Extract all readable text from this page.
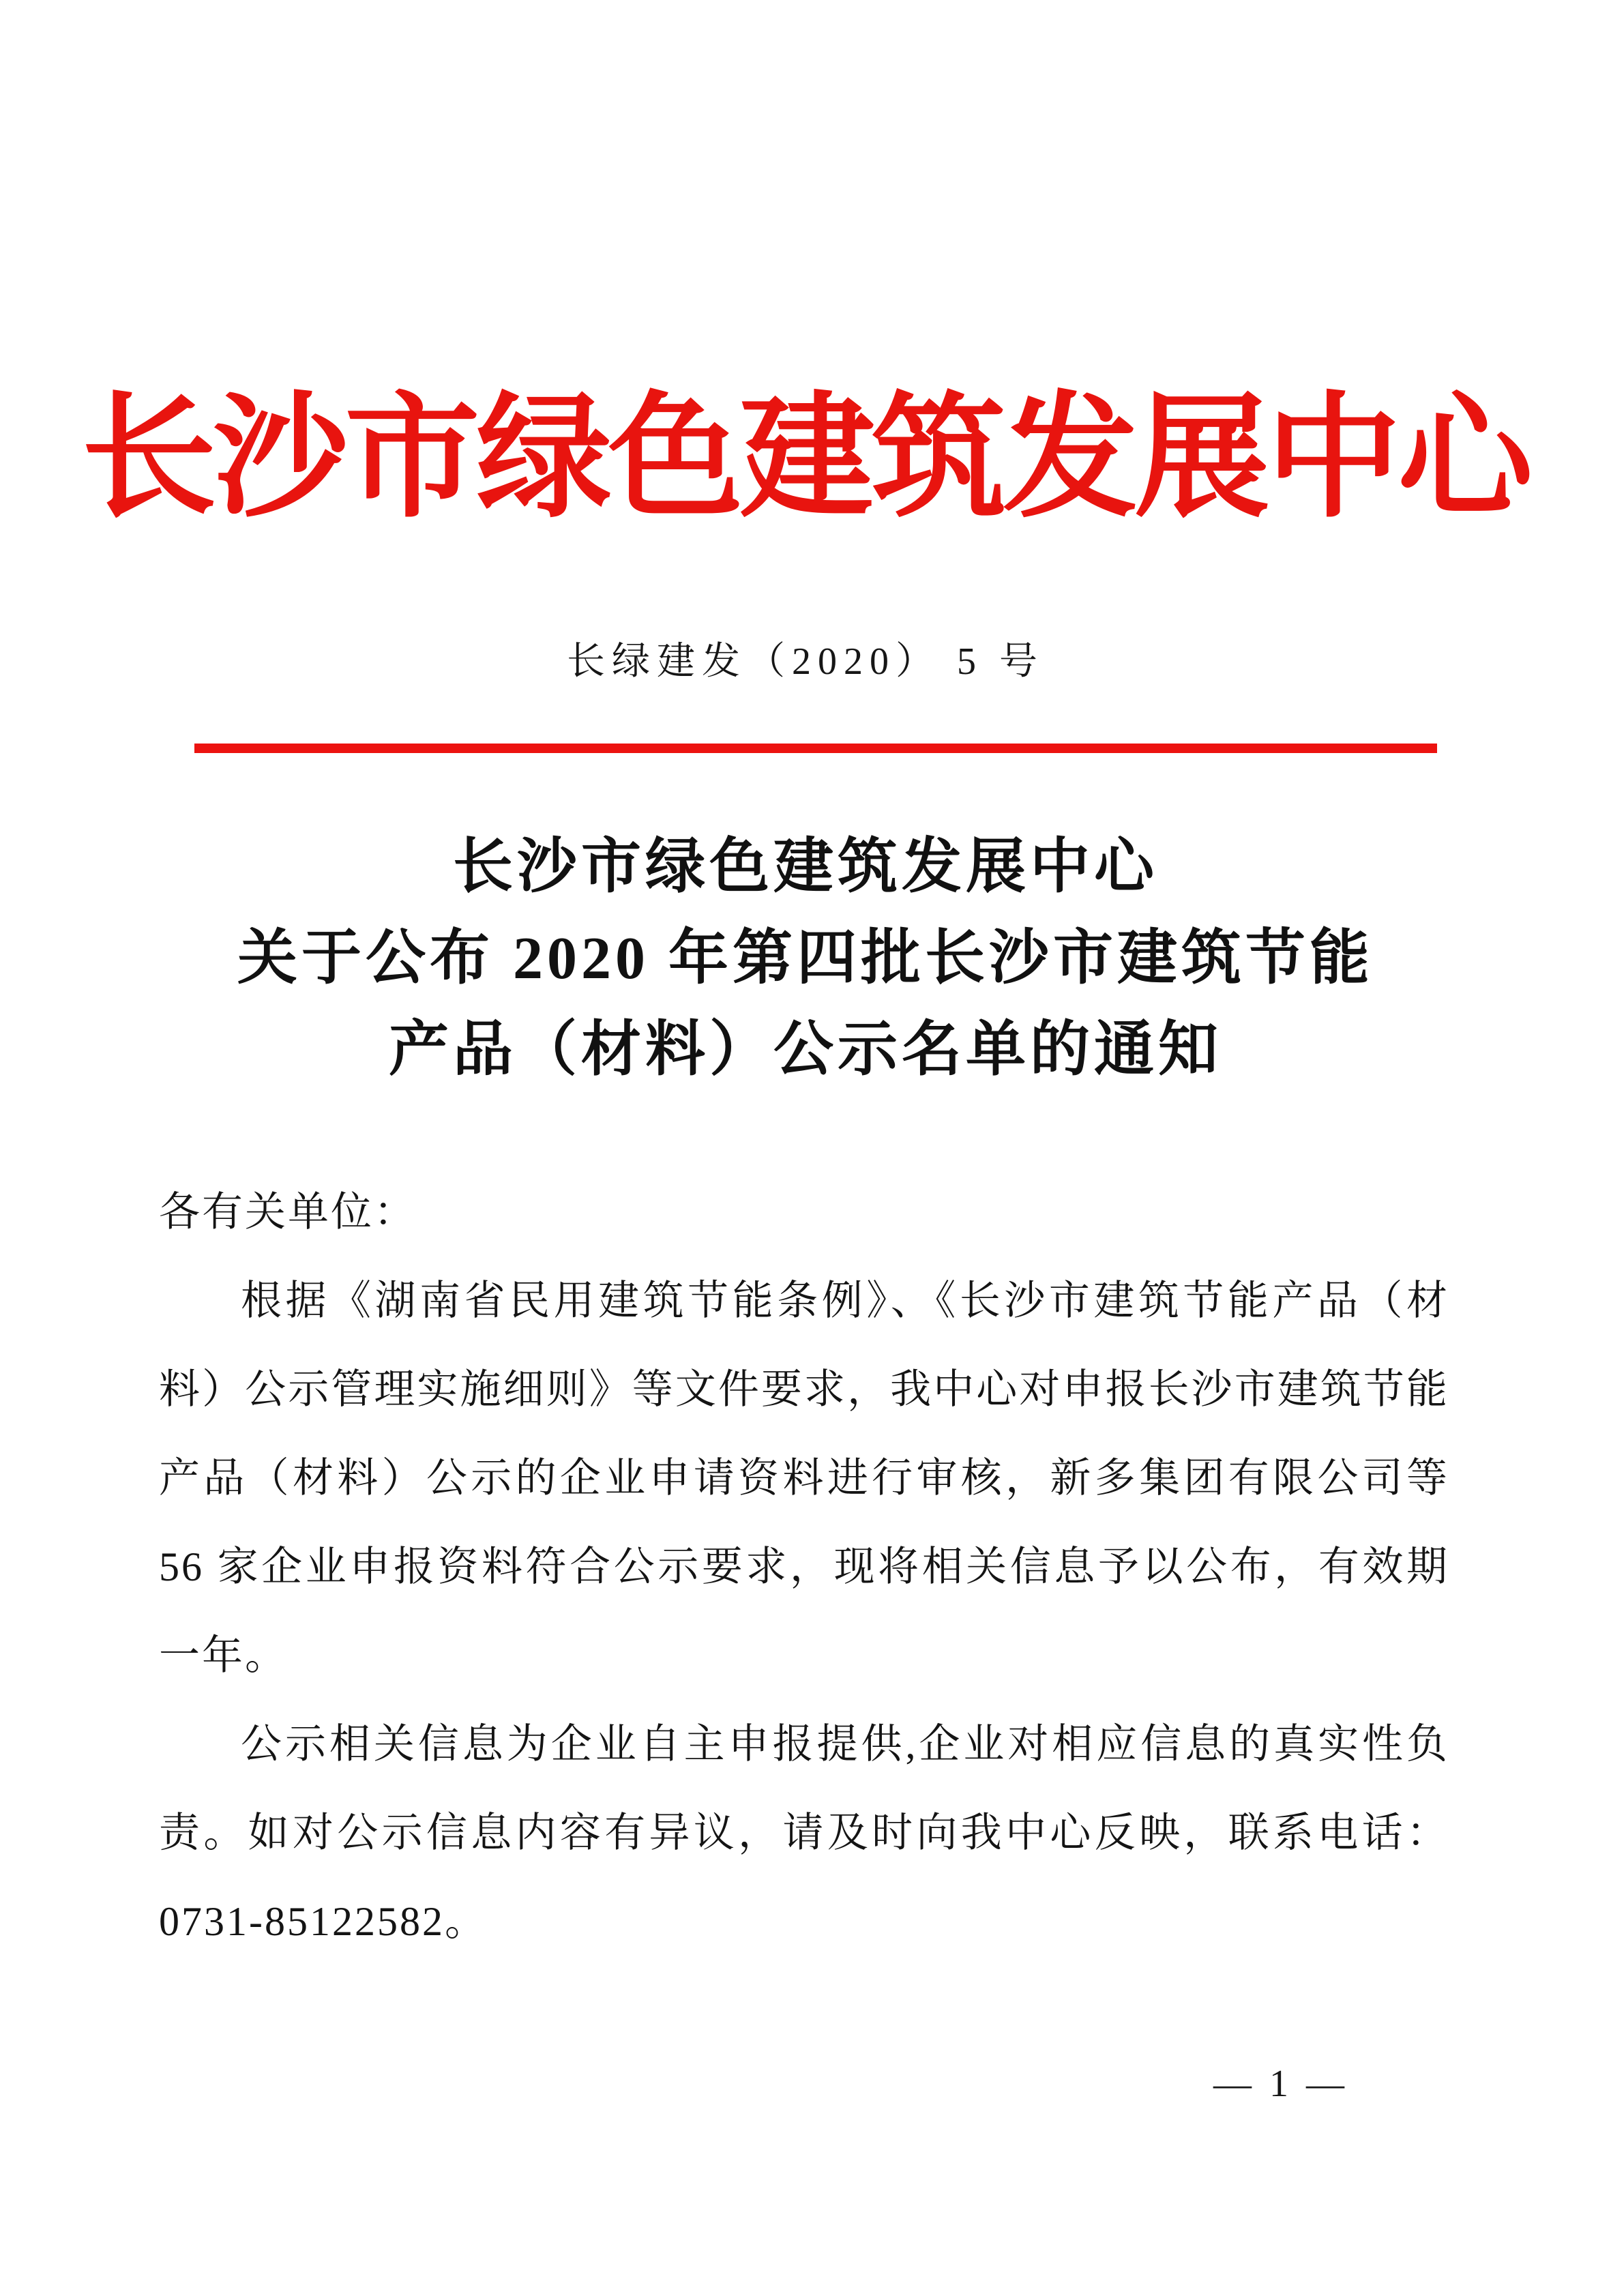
长沙市绿色建筑发展中心
长绿建发（2020） 5 号
长沙市绿色建筑发展中心
关于公布 2020 年第四批长沙市建筑节能
产品（材料）公示名单的通知

各有关单位：

根据《湖南省民用建筑节能条例》、《长沙市建筑节能产品（材料）公示管理实施细则》等文件要求，我中心对申报长沙市建筑节能产品（材料）公示的企业申请资料进行审核，新多集团有限公司等 56 家企业申报资料符合公示要求，现将相关信息予以公布，有效期一年。

公示相关信息为企业自主申报提供,企业对相应信息的真实性负责。如对公示信息内容有异议，请及时向我中心反映，联系电话：0731-85122582。

— 1 —
